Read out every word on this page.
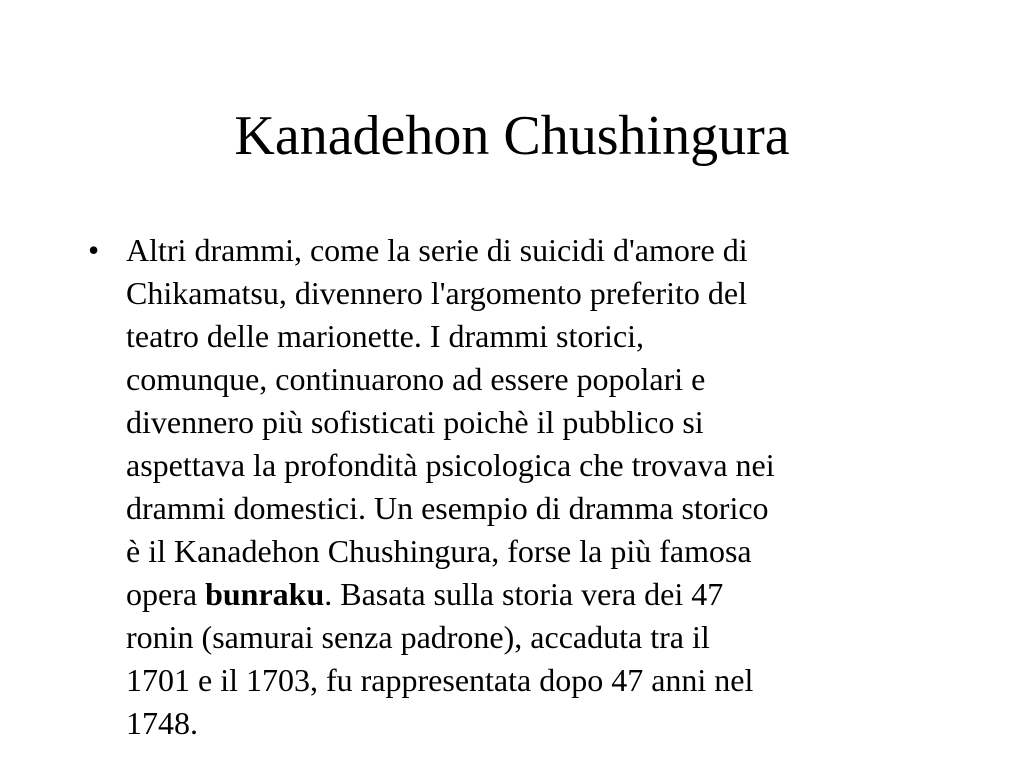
Kanadehon Chushingura
• Altri drammi, come la serie di suicidi d'amore di
Chikamatsu, divennero l'argomento preferito del
teatro delle marionette. I drammi storici,
comunque, continuarono ad essere popolari e
divennero più sofisticati poichè il pubblico si
aspettava la profondità psicologica che trovava nei
drammi domestici. Un esempio di dramma storico
è il Kanadehon Chushingura, forse la più famosa
opera bunraku. Basata sulla storia vera dei 47
ronin (samurai senza padrone), accaduta tra il
1701 e il 1703, fu rappresentata dopo 47 anni nel
1748.
